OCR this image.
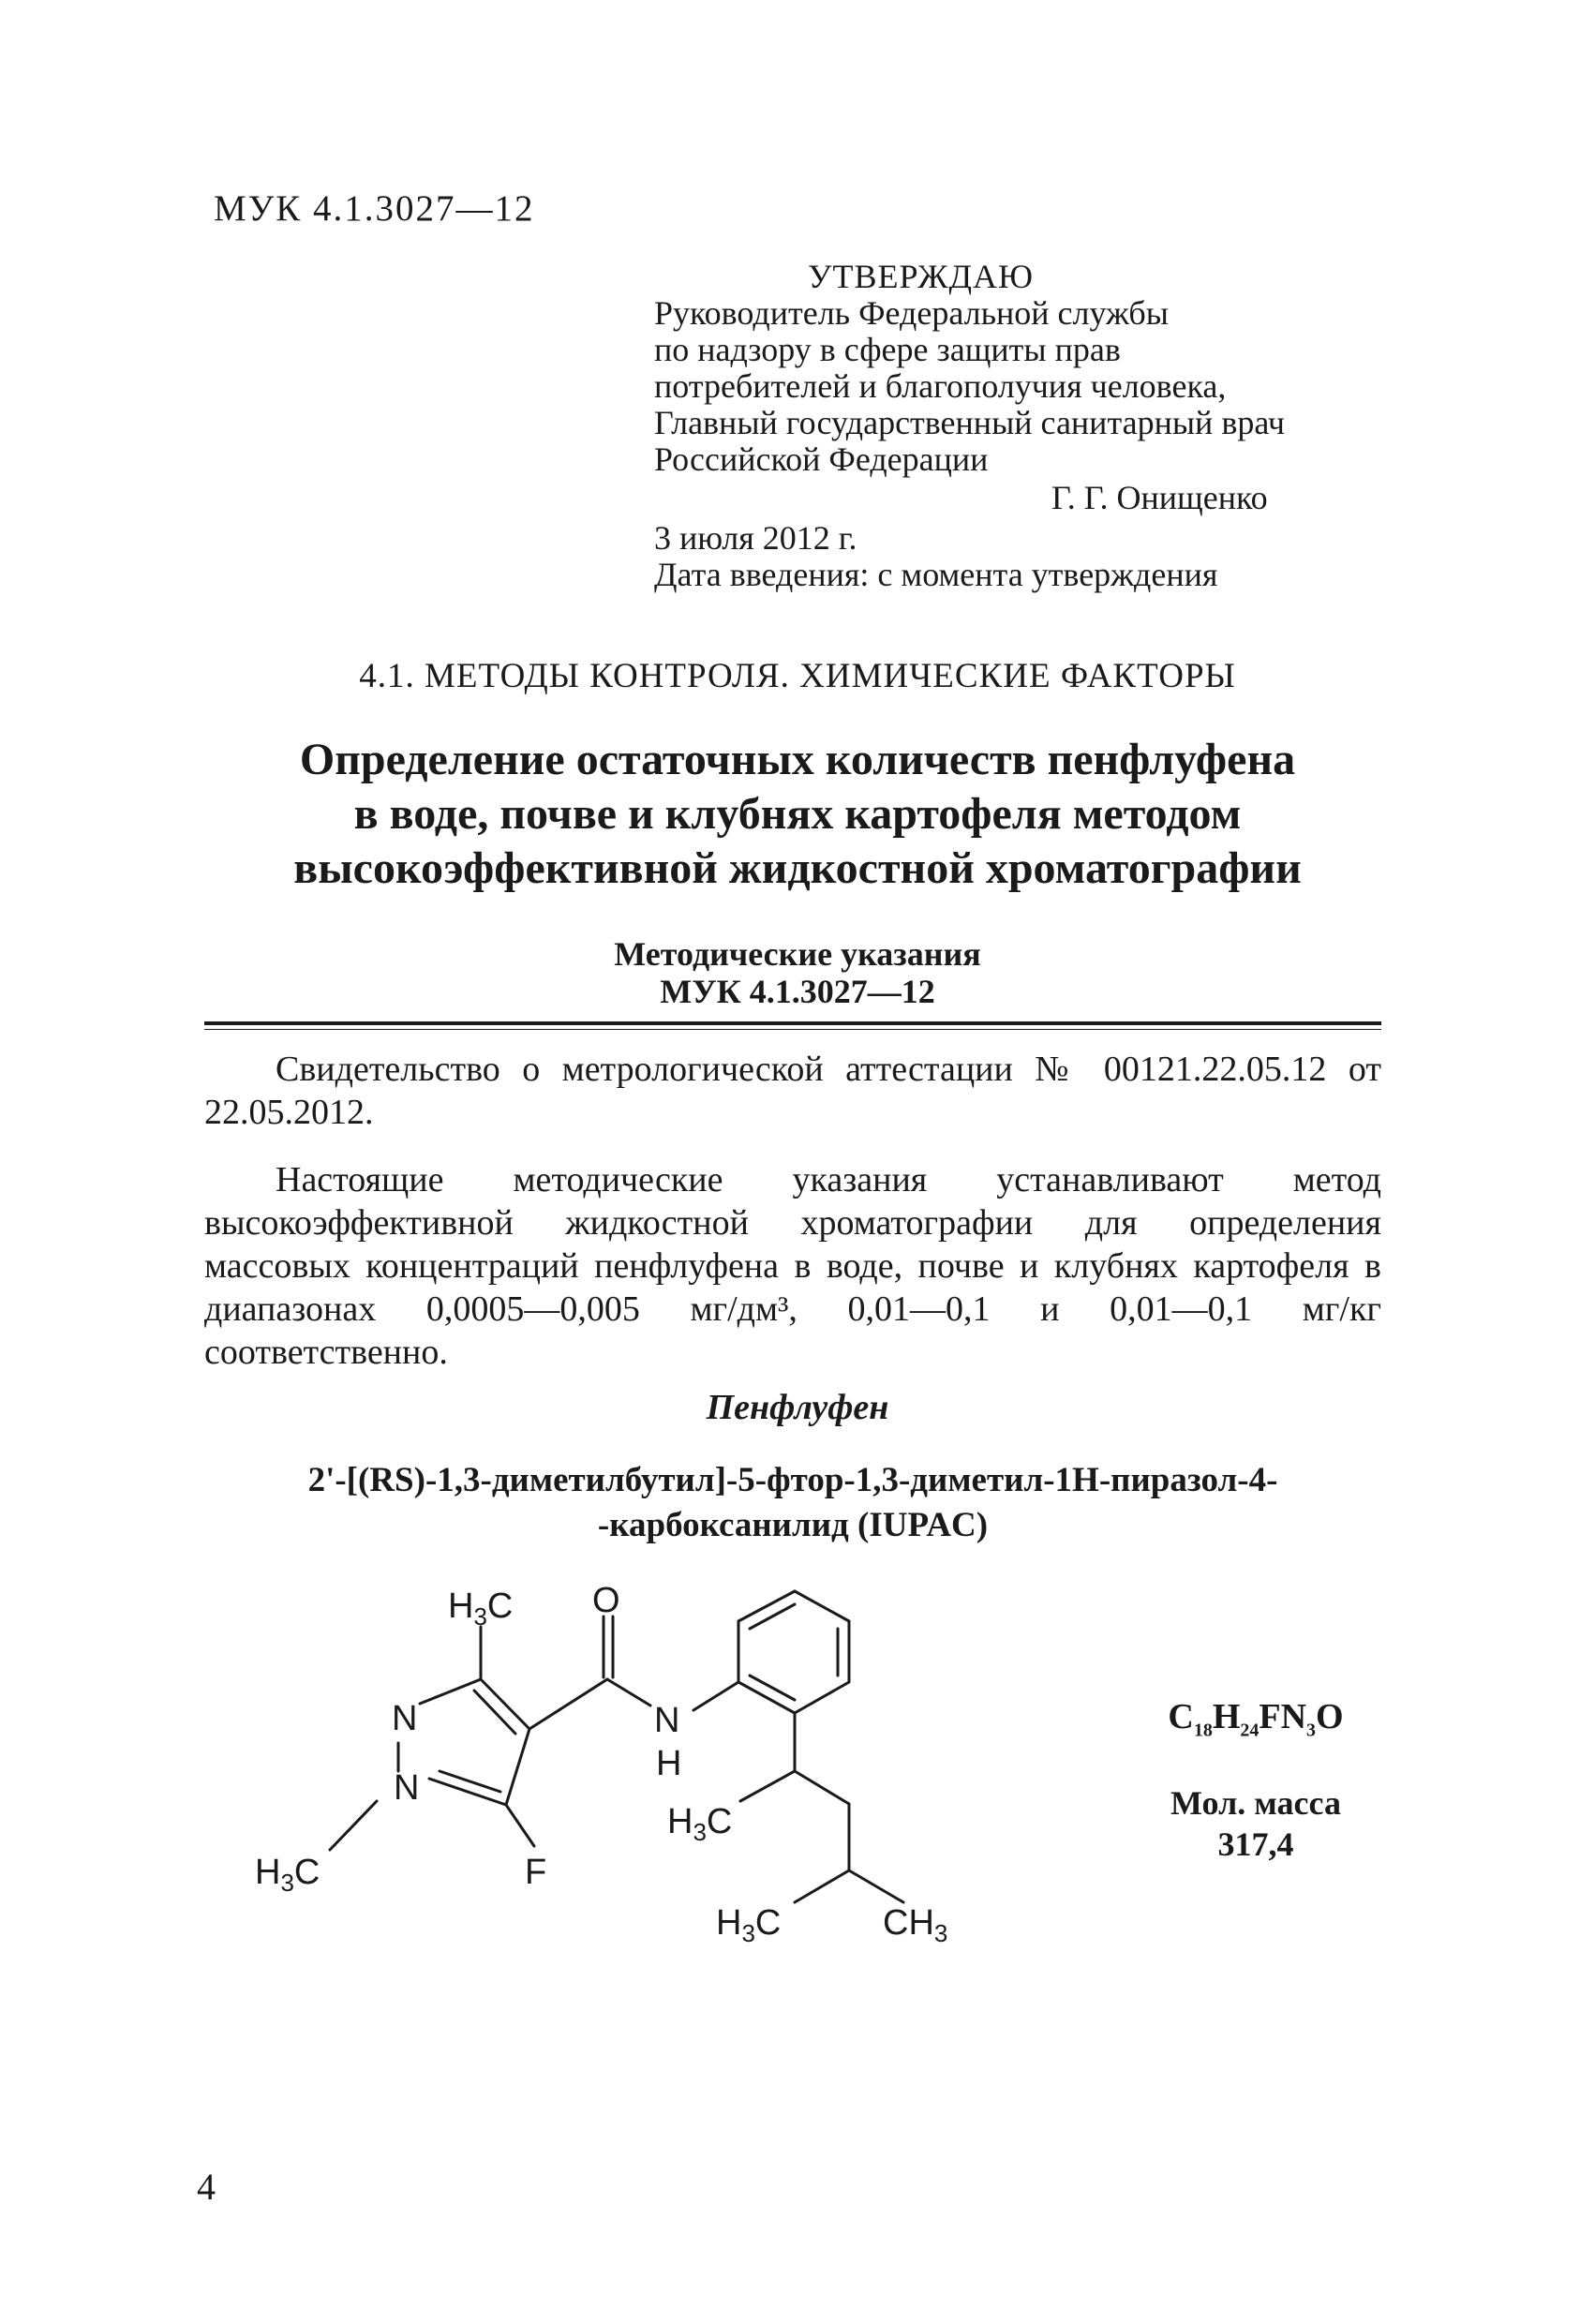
МУК 4.1.3027—12
УТВЕРЖДАЮ
Руководитель Федеральной службы
по надзору в сфере защиты прав
потребителей и благополучия человека,
Главный государственный санитарный врач
Российской Федерации
Г. Г. Онищенко
3 июля 2012 г.
Дата введения: с момента утверждения
4.1. МЕТОДЫ КОНТРОЛЯ. ХИМИЧЕСКИЕ ФАКТОРЫ
Определение остаточных количеств пенфлуфена
в воде, почве и клубнях картофеля методом
высокоэффективной жидкостной хроматографии
Методические указания
МУК 4.1.3027—12
Свидетельство о метрологической аттестации № 00121.22.05.12 от 22.05.2012.
Настоящие методические указания устанавливают метод высокоэффективной жидкостной хроматографии для определения массовых концентраций пенфлуфена в воде, почве и клубнях картофеля в диапазонах 0,0005—0,005 мг/дм³, 0,01—0,1 и 0,01—0,1 мг/кг соответственно.
Пенфлуфен
2'-[(RS)-1,3-диметилбутил]-5-фтор-1,3-диметил-1H-пиразол-4-
-карбоксанилид (IUPAC)
$H_3C$ O
N
N
N
H
$H_3C$	F
$H_3C$
$H_3C$	$CH_3$
$C_{18}H_{24}FN_3O$
Мол. масса
317,4
4
